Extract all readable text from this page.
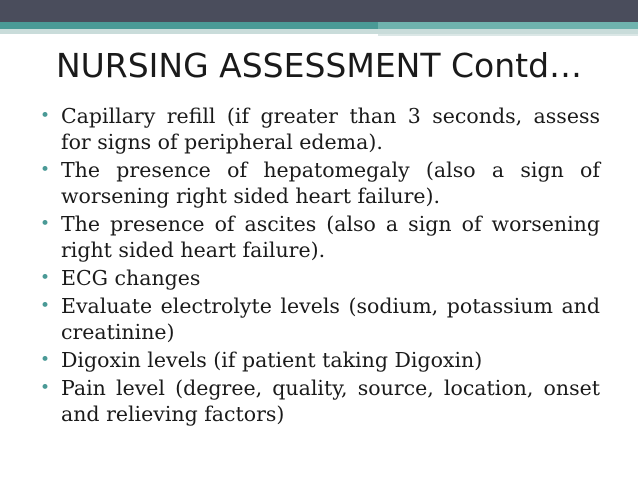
NURSING ASSESSMENT Contd…
• Capillary refill (if greater than 3 seconds, assess for signs of peripheral edema).
• The presence of hepatomegaly (also a sign of worsening right sided heart failure).
• The presence of ascites (also a sign of worsening right sided heart failure).
• ECG changes
• Evaluate electrolyte levels (sodium, potassium and creatinine)
• Digoxin levels (if patient taking Digoxin)
• Pain level (degree, quality, source, location, onset and relieving factors)
